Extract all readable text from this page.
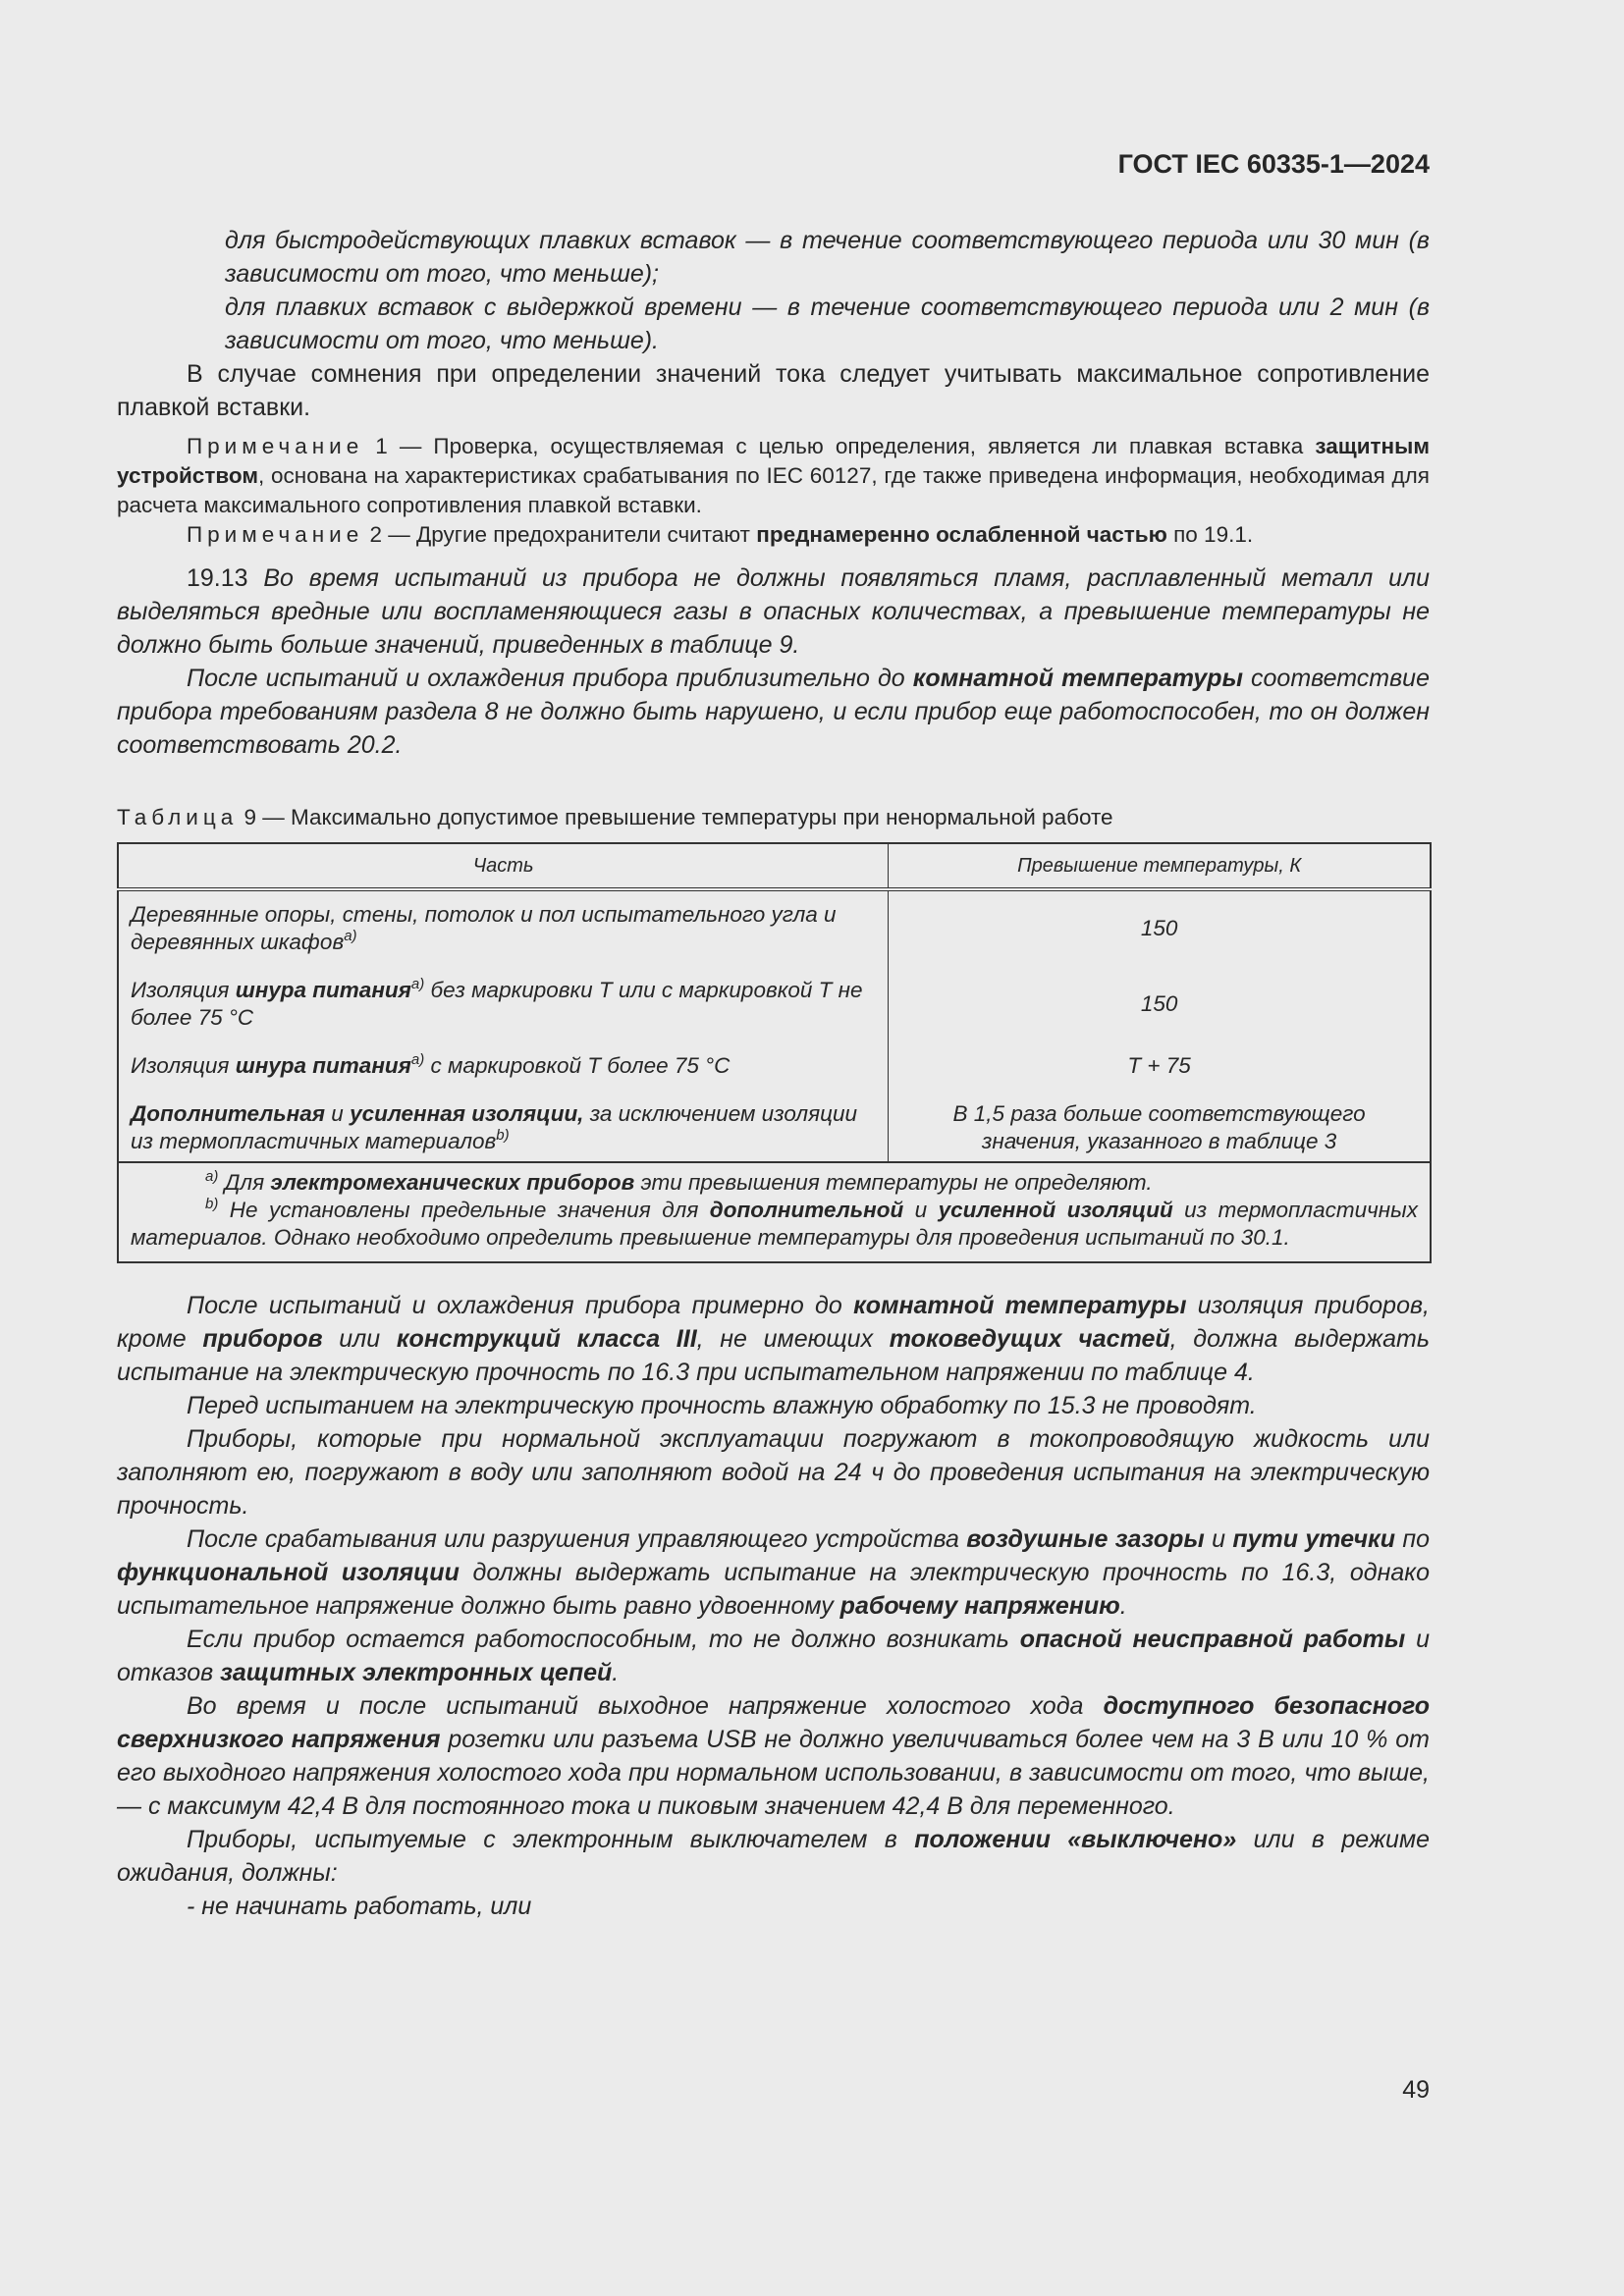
ГОСТ IEC 60335-1—2024

для быстродействующих плавких вставок — в течение соответствующего периода или 30 мин (в зависимости от того, что меньше);

для плавких вставок с выдержкой времени — в течение соответствующего периода или 2 мин (в зависимости от того, что меньше).

В случае сомнения при определении значений тока следует учитывать максимальное сопротивление плавкой вставки.

Примечание 1 — Проверка, осуществляемая с целью определения, является ли плавкая вставка защитным устройством, основана на характеристиках срабатывания по IEC 60127, где также приведена информация, необходимая для расчета максимального сопротивления плавкой вставки.

Примечание 2 — Другие предохранители считают преднамеренно ослабленной частью по 19.1.

19.13 Во время испытаний из прибора не должны появляться пламя, расплавленный металл или выделяться вредные или воспламеняющиеся газы в опасных количествах, а превышение температуры не должно быть больше значений, приведенных в таблице 9.

После испытаний и охлаждения прибора приблизительно до комнатной температуры соответствие прибора требованиям раздела 8 не должно быть нарушено, и если прибор еще работоспособен, то он должен соответствовать 20.2.

Таблица 9 — Максимально допустимое превышение температуры при ненормальной работе

Часть	Превышение температуры, К
Деревянные опоры, стены, потолок и пол испытательного угла и деревянных шкафов$^{a)}$	150
Изоляция шнура питания$^{a)}$ без маркировки Т или с маркировкой Т не более 75 °С	150
Изоляция шнура питания$^{a)}$ с маркировкой Т более 75 °С	T + 75
Дополнительная и усиленная изоляции, за исключением изоляции из термопластичных материалов$^{b)}$	В 1,5 раза больше соответствующего значения, указанного в таблице 3

$^{a)}$ Для электромеханических приборов эти превышения температуры не определяют.
$^{b)}$ Не установлены предельные значения для дополнительной и усиленной изоляций из термопластичных материалов. Однако необходимо определить превышение температуры для проведения испытаний по 30.1.	

После испытаний и охлаждения прибора примерно до комнатной температуры изоляция приборов, кроме приборов или конструкций класса III, не имеющих токоведущих частей, должна выдержать испытание на электрическую прочность по 16.3 при испытательном напряжении по таблице 4.

Перед испытанием на электрическую прочность влажную обработку по 15.3 не проводят.

Приборы, которые при нормальной эксплуатации погружают в токопроводящую жидкость или заполняют ею, погружают в воду или заполняют водой на 24 ч до проведения испытания на электрическую прочность.

После срабатывания или разрушения управляющего устройства воздушные зазоры и пути утечки по функциональной изоляции должны выдержать испытание на электрическую прочность по 16.3, однако испытательное напряжение должно быть равно удвоенному рабочему напряжению.

Если прибор остается работоспособным, то не должно возникать опасной неисправной работы и отказов защитных электронных цепей.

Во время и после испытаний выходное напряжение холостого хода доступного безопасного сверхнизкого напряжения розетки или разъема USB не должно увеличиваться более чем на 3 В или 10 % от его выходного напряжения холостого хода при нормальном использовании, в зависимости от того, что выше, — с максимум 42,4 В для постоянного тока и пиковым значением 42,4 В для переменного.

Приборы, испытуемые с электронным выключателем в положении «выключено» или в режиме ожидания, должны:

- не начинать работать, или

49
